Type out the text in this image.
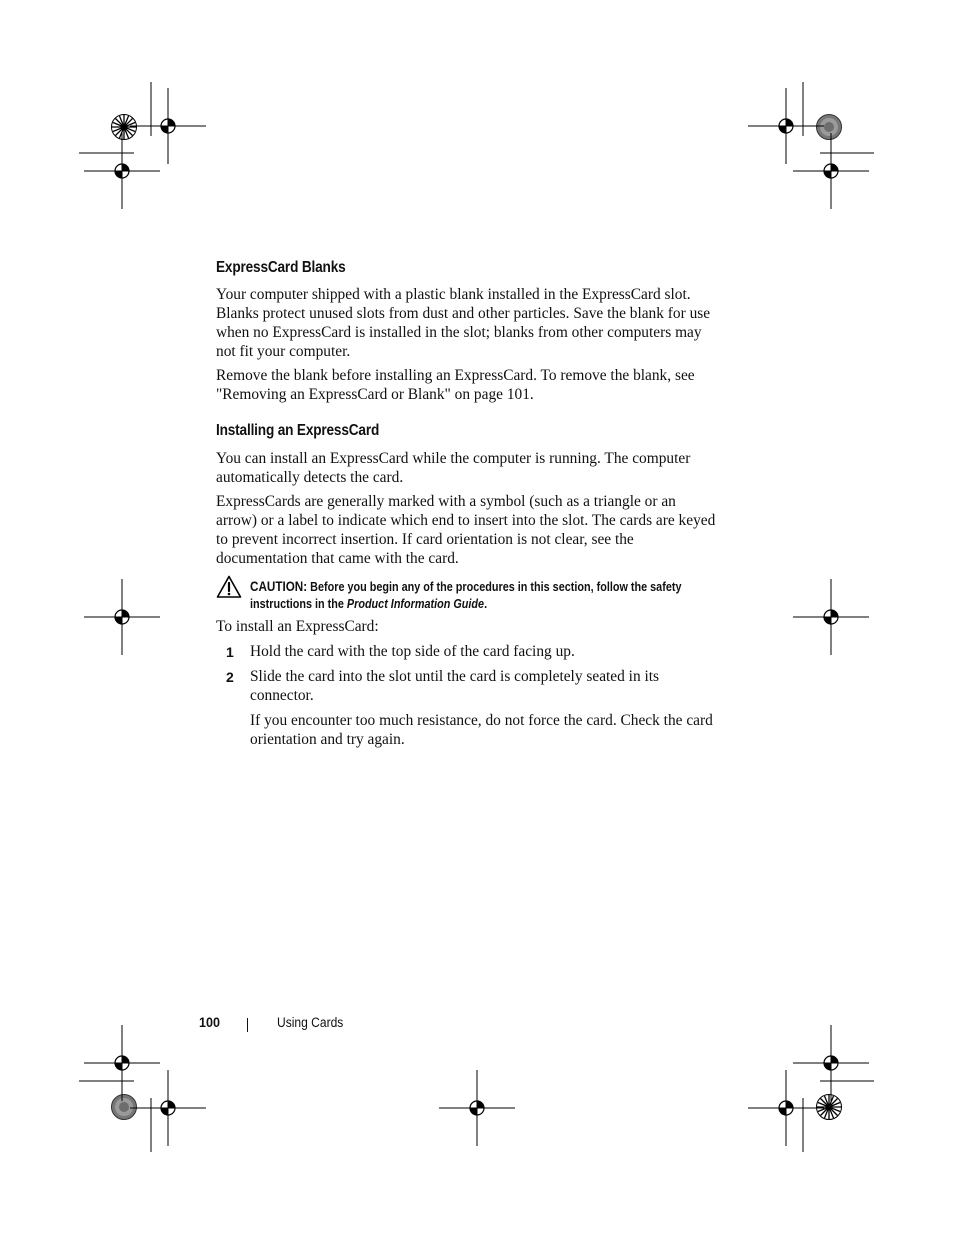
ExpressCard Blanks

Your computer shipped with a plastic blank installed in the ExpressCard slot. Blanks protect unused slots from dust and other particles. Save the blank for use when no ExpressCard is installed in the slot; blanks from other computers may not fit your computer.

Remove the blank before installing an ExpressCard. To remove the blank, see "Removing an ExpressCard or Blank" on page 101.

Installing an ExpressCard

You can install an ExpressCard while the computer is running. The computer automatically detects the card.

ExpressCards are generally marked with a symbol (such as a triangle or an arrow) or a label to indicate which end to insert into the slot. The cards are keyed to prevent incorrect insertion. If card orientation is not clear, see the documentation that came with the card.

CAUTION: Before you begin any of the procedures in this section, follow the safety instructions in the Product Information Guide.

To install an ExpressCard:

1 Hold the card with the top side of the card facing up.

2 Slide the card into the slot until the card is completely seated in its connector.

If you encounter too much resistance, do not force the card. Check the card orientation and try again.

100	Using Cards
